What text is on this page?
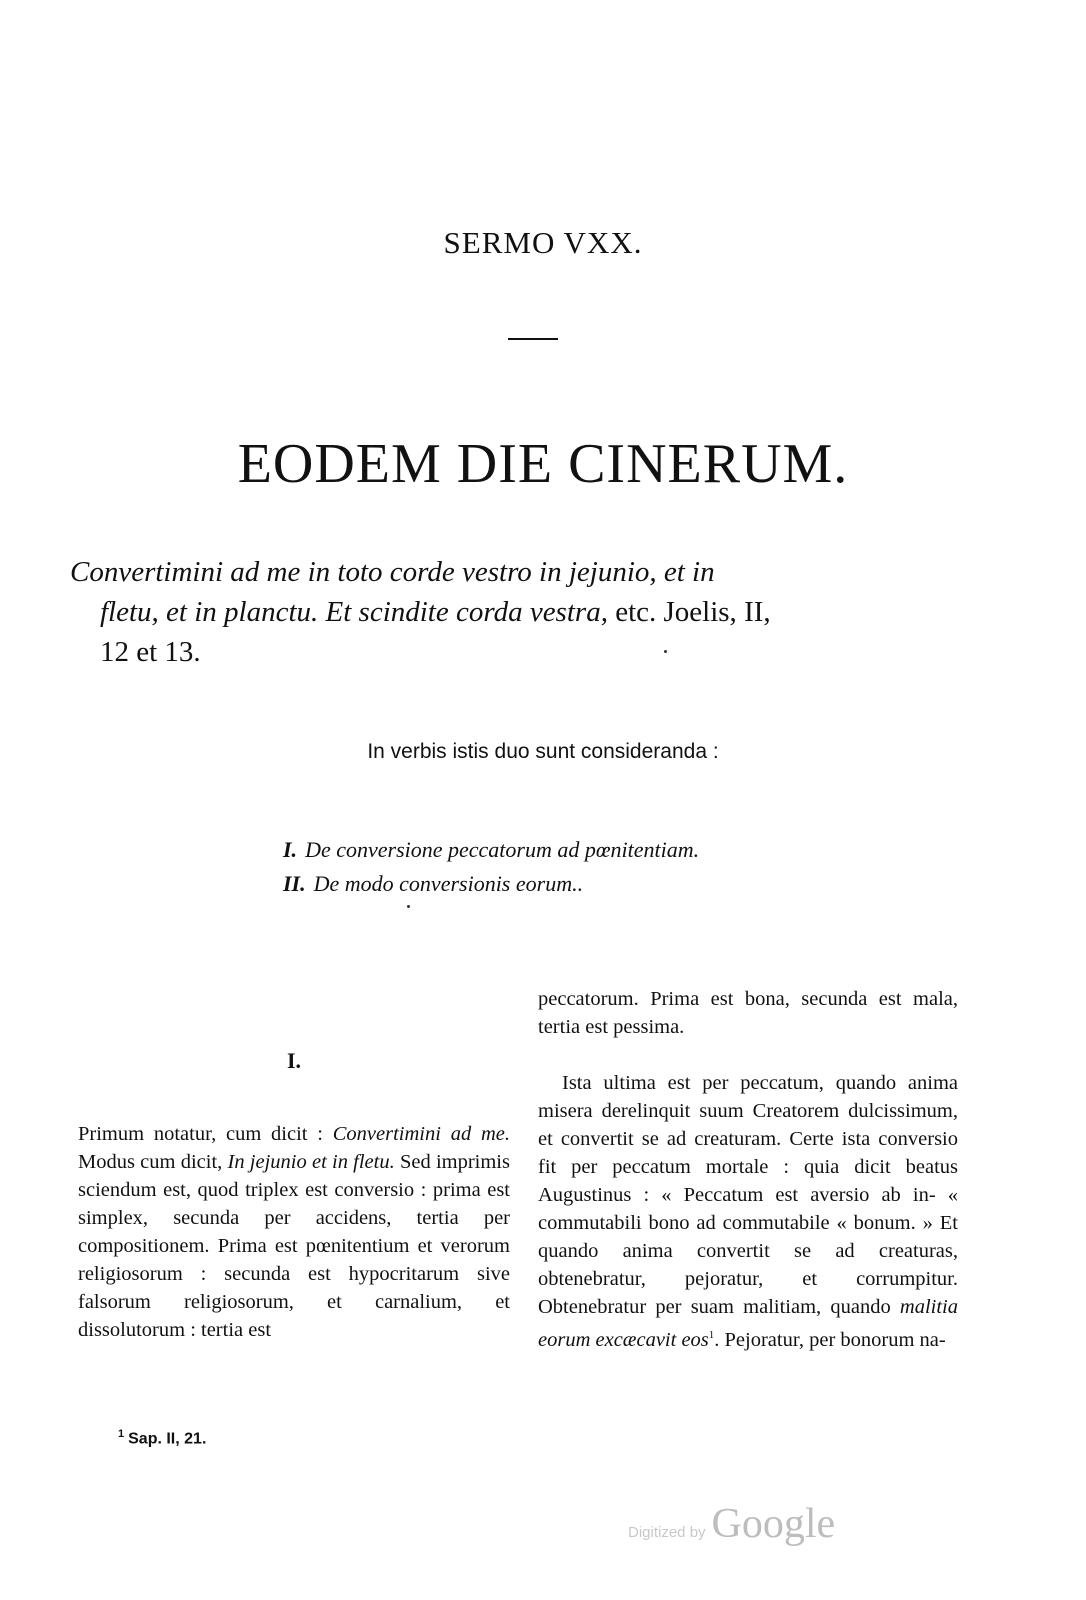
SERMO VXX.
EODEM DIE CINERUM.
Convertimini ad me in toto corde vestro in jejunio, et in
fletu, et in planctu. Et scindite corda vestra, etc. Joelis, II,
12 et 13.
In verbis istis duo sunt consideranda :
I. De conversione peccatorum ad pœnitentiam.
II. De modo conversionis eorum..
I.

Primum notatur, cum dicit : Convertimini ad me. Modus cum dicit, In jejunio et in fletu. Sed imprimis sciendum est, quod triplex est conversio : prima est simplex, secunda per accidens, tertia per compositionem. Prima est pœnitentium et verorum religiosorum : secunda est hypocritarum sive falsorum religiosorum, et carnalium, et dissolutorum : tertia est

peccatorum. Prima est bona, secunda est mala, tertia est pessima.

Ista ultima est per peccatum, quando anima misera derelinquit suum Creatorem dulcissimum, et convertit se ad creaturam. Certe ista conversio fit per peccatum mortale : quia dicit beatus Augustinus : « Peccatum est aversio ab in- « commutabili bono ad commutabile « bonum. » Et quando anima convertit se ad creaturas, obtenebratur, pejoratur, et corrumpitur. Obtenebratur per suam malitiam, quando malitia eorum excæcavit eos$^1$. Pejoratur, per bonorum na-

$^1$ Sap. II, 21.
Digitized by Google
